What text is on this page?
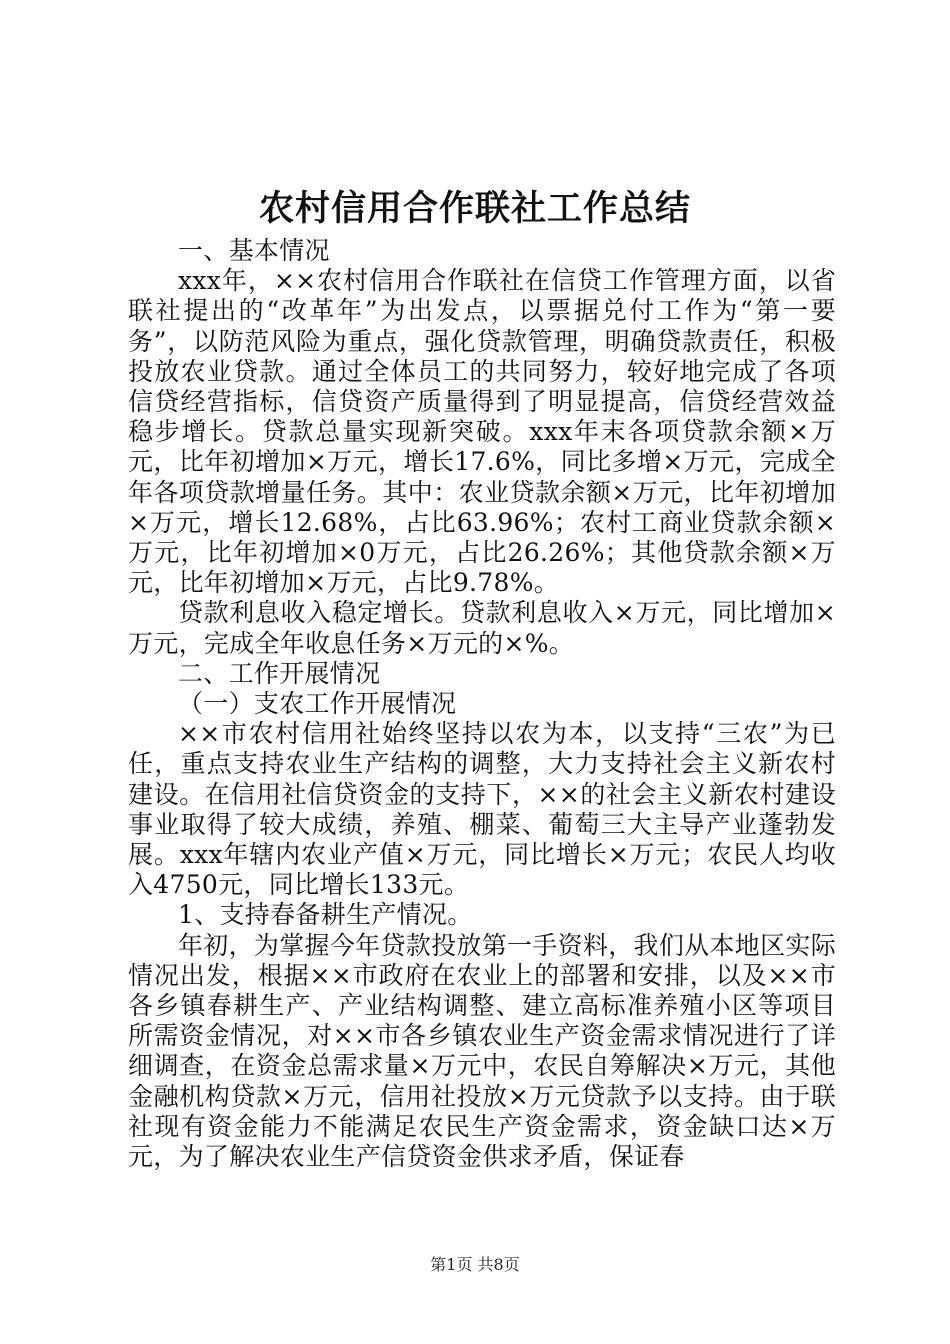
农村信用合作联社工作总结

一、基本情况

xxx年，××农村信用合作联社在信贷工作管理方面，以省联社提出的“改革年”为出发点，以票据兑付工作为“第一要务”，以防范风险为重点，强化贷款管理，明确贷款责任，积极投放农业贷款。通过全体员工的共同努力，较好地完成了各项信贷经营指标，信贷资产质量得到了明显提高，信贷经营效益稳步增长。贷款总量实现新突破。xxx年末各项贷款余额×万元，比年初增加×万元，增长17.6%，同比多增×万元，完成全年各项贷款增量任务。其中：农业贷款余额×万元，比年初增加×万元，增长12.68%，占比63.96%；农村工商业贷款余额×万元，比年初增加×0万元，占比26.26%；其他贷款余额×万元，比年初增加×万元，占比9.78%。

贷款利息收入稳定增长。贷款利息收入×万元，同比增加×万元，完成全年收息任务×万元的×%。

二、工作开展情况

（一）支农工作开展情况

××市农村信用社始终坚持以农为本，以支持“三农”为已任，重点支持农业生产结构的调整，大力支持社会主义新农村建设。在信用社信贷资金的支持下，××的社会主义新农村建设事业取得了较大成绩，养殖、棚菜、葡萄三大主导产业蓬勃发展。xxx年辖内农业产值×万元，同比增长×万元；农民人均收入4750元，同比增长133元。

1、支持春备耕生产情况。

年初，为掌握今年贷款投放第一手资料，我们从本地区实际情况出发，根据××市政府在农业上的部署和安排，以及××市各乡镇春耕生产、产业结构调整、建立高标准养殖小区等项目所需资金情况，对××市各乡镇农业生产资金需求情况进行了详细调查，在资金总需求量×万元中，农民自筹解决×万元，其他金融机构贷款×万元，信用社投放×万元贷款予以支持。由于联社现有资金能力不能满足农民生产资金需求，资金缺口达×万元，为了解决农业生产信贷资金供求矛盾，保证春

第1页 共8页
